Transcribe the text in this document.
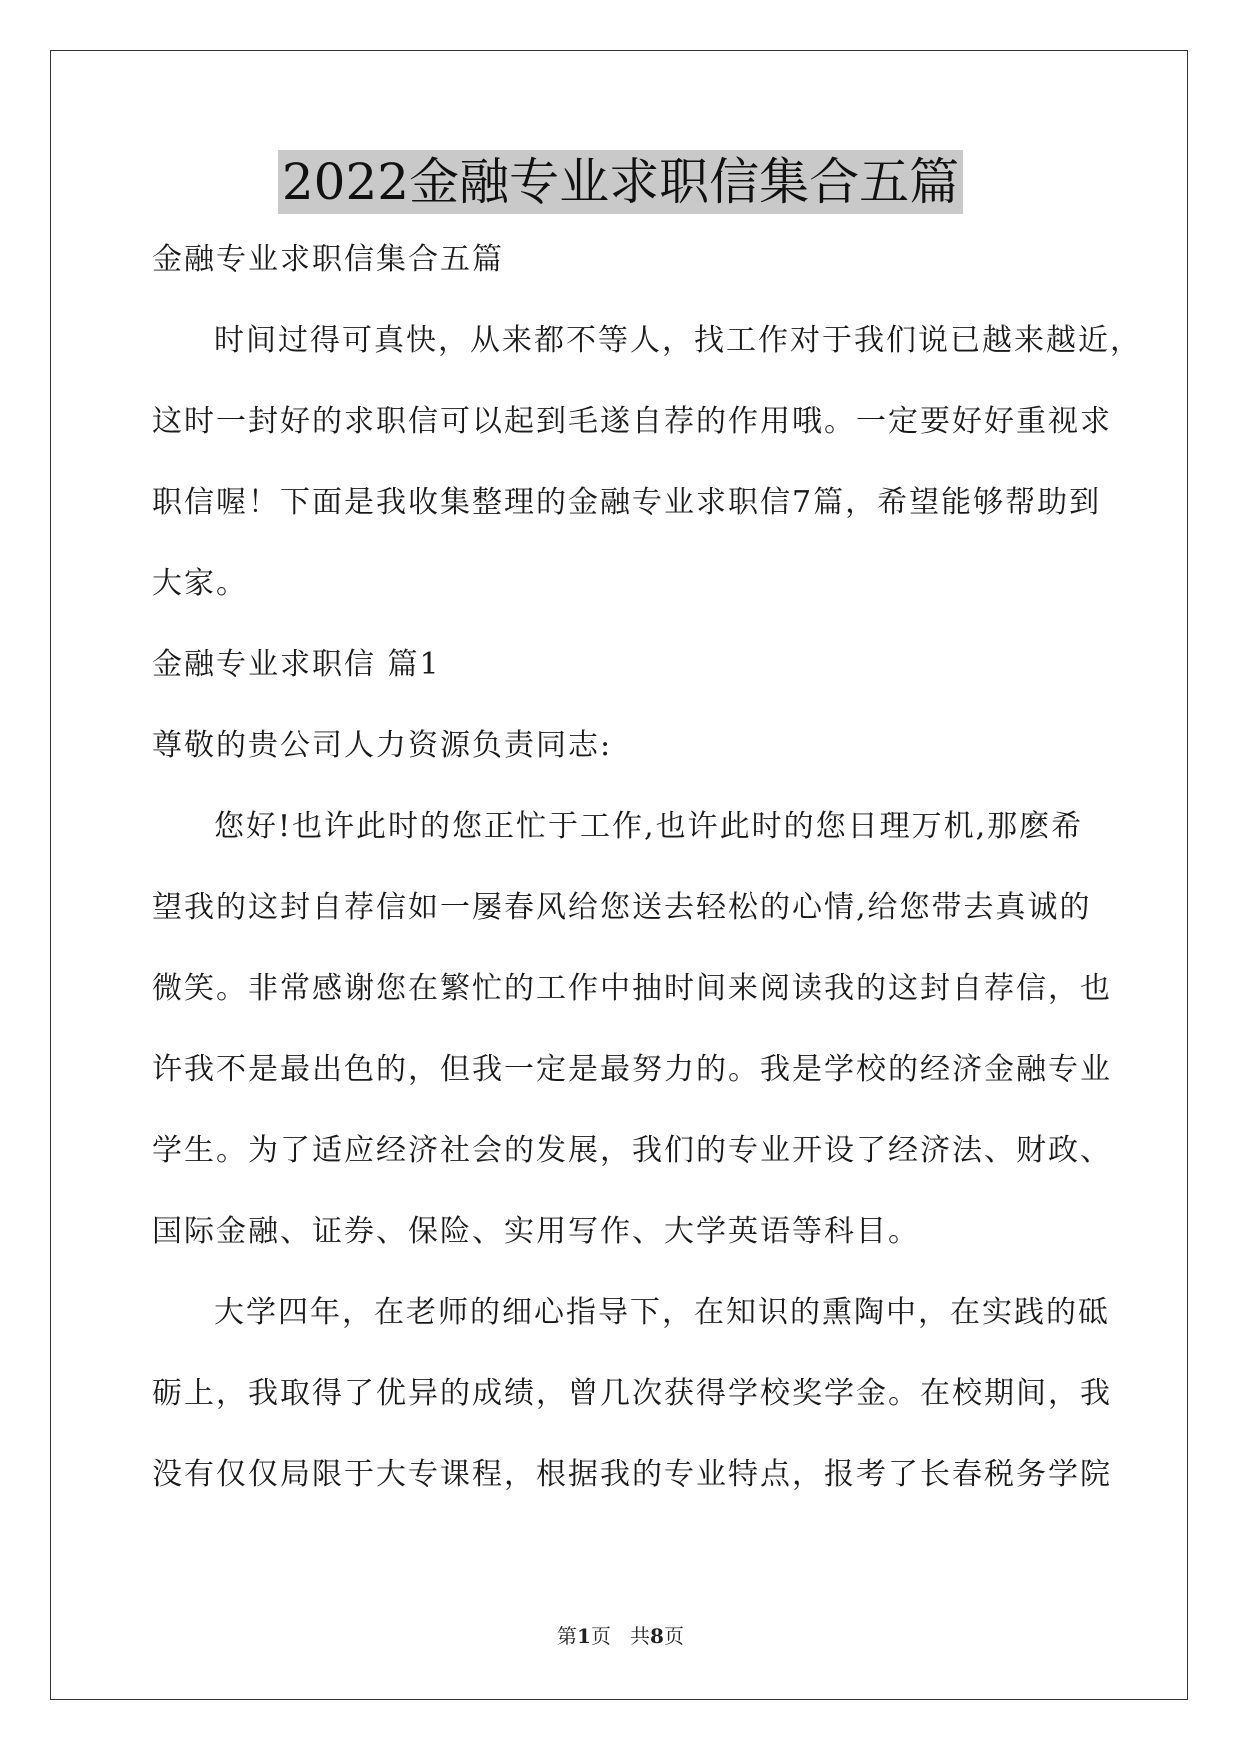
2022金融专业求职信集合五篇
金融专业求职信集合五篇
时间过得可真快，从来都不等人，找工作对于我们说已越来越近，
这时一封好的求职信可以起到毛遂自荐的作用哦。一定要好好重视求
职信喔！下面是我收集整理的金融专业求职信7篇，希望能够帮助到
大家。
金融专业求职信 篇1
尊敬的贵公司人力资源负责同志:
您好!也许此时的您正忙于工作,也许此时的您日理万机,那麽希
望我的这封自荐信如一屡春风给您送去轻松的心情,给您带去真诚的
微笑。非常感谢您在繁忙的工作中抽时间来阅读我的这封自荐信，也
许我不是最出色的，但我一定是最努力的。我是学校的经济金融专业
学生。为了适应经济社会的发展，我们的专业开设了经济法、财政、
国际金融、证券、保险、实用写作、大学英语等科目。
大学四年，在老师的细心指导下，在知识的熏陶中，在实践的砥
砺上，我取得了优异的成绩，曾几次获得学校奖学金。在校期间，我
没有仅仅局限于大专课程，根据我的专业特点，报考了长春税务学院
第1页 共8页
